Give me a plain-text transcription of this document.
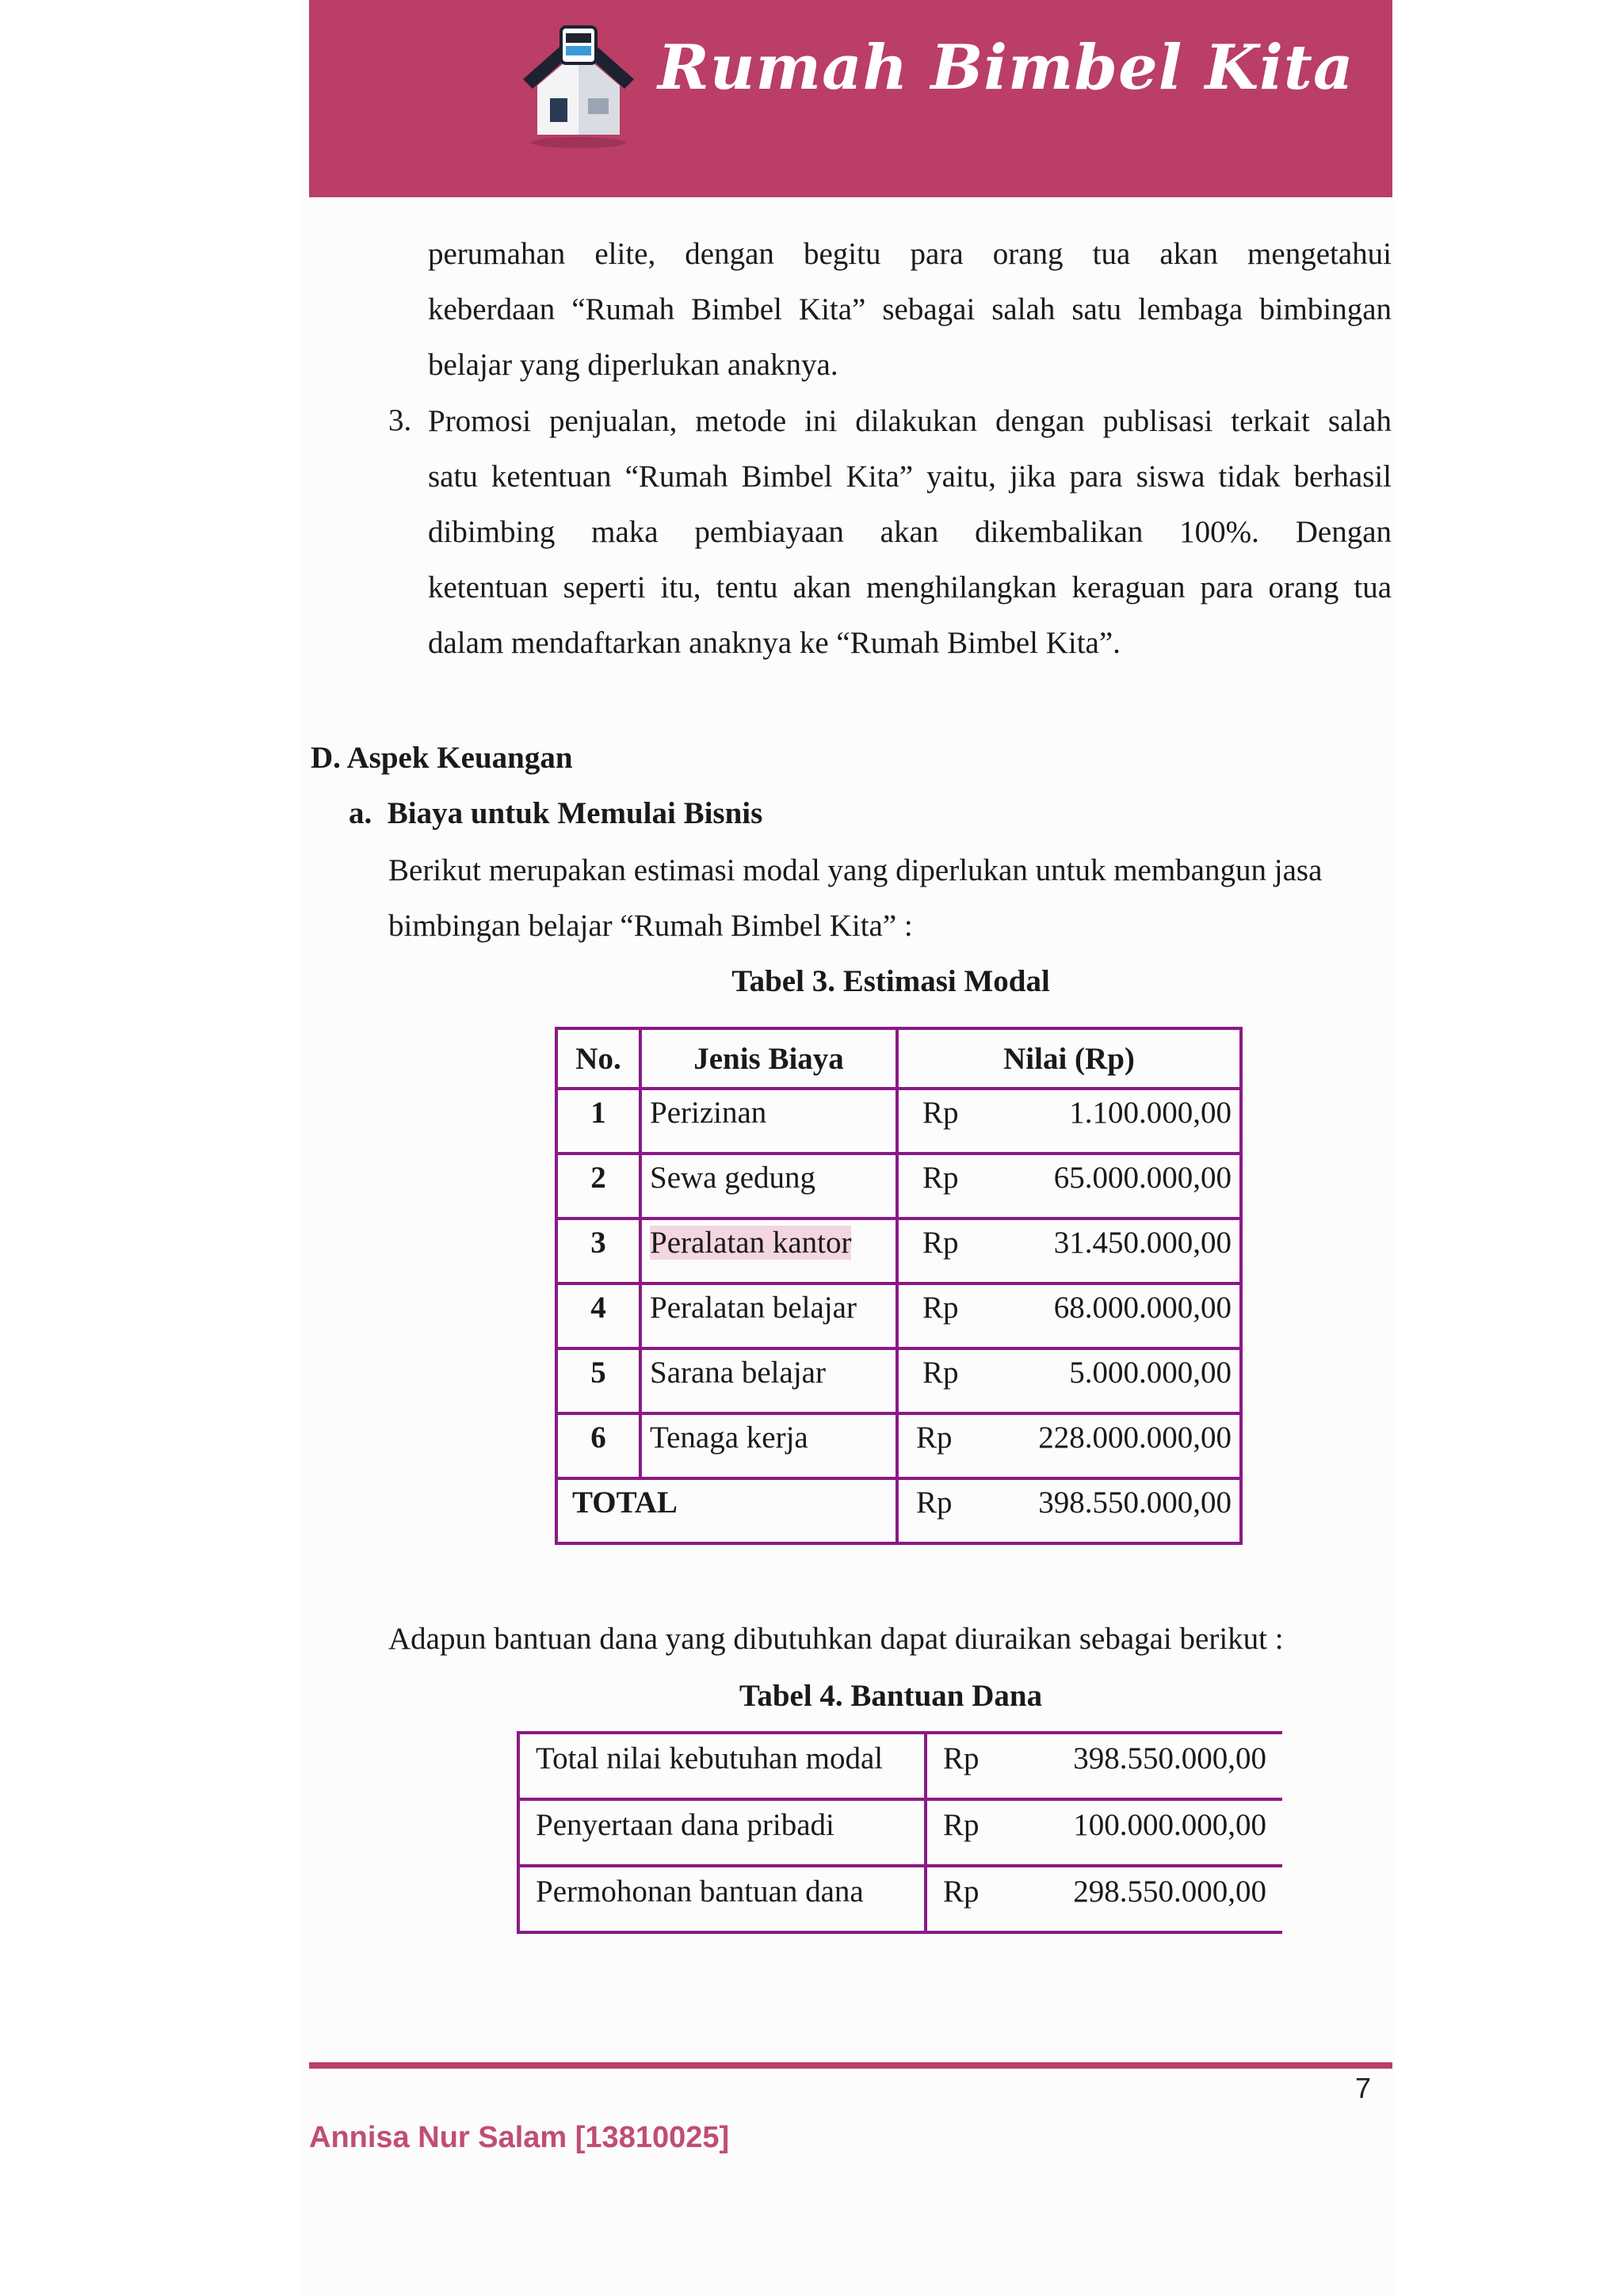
Rumah Bimbel Kita
perumahan elite, dengan begitu para orang tua akan mengetahui
keberdaan “Rumah Bimbel Kita” sebagai salah satu lembaga bimbingan
belajar yang diperlukan anaknya.
3. Promosi penjualan, metode ini dilakukan dengan publisasi terkait salah
satu ketentuan “Rumah Bimbel Kita” yaitu, jika para siswa tidak berhasil
dibimbing maka pembiayaan akan dikembalikan 100%. Dengan
ketentuan seperti itu, tentu akan menghilangkan keraguan para orang tua
dalam mendaftarkan anaknya ke “Rumah Bimbel Kita”.
D. Aspek Keuangan
a.  Biaya untuk Memulai Bisnis
Berikut merupakan estimasi modal yang diperlukan untuk membangun jasa
bimbingan belajar “Rumah Bimbel Kita” :
Tabel 3. Estimasi Modal
No.	Jenis Biaya	Nilai (Rp)
1	Perizinan	Rp 1.100.000,00

2	Sewa gedung	Rp 65.000.000,00

3	Peralatan kantor	Rp 31.450.000,00

4	Peralatan belajar	Rp 68.000.000,00

5	Sarana belajar	Rp 5.000.000,00

6	Tenaga kerja	Rp 228.000.000,00

TOTAL		Rp 398.550.000,00
Adapun bantuan dana yang dibutuhkan dapat diuraikan sebagai berikut :
Tabel 4. Bantuan Dana
Total nilai kebutuhan modal	Rp 398.550.000,00

Penyertaan dana pribadi	Rp 100.000.000,00

Permohonan bantuan dana	Rp 298.550.000,00
7
Annisa Nur Salam [13810025]
